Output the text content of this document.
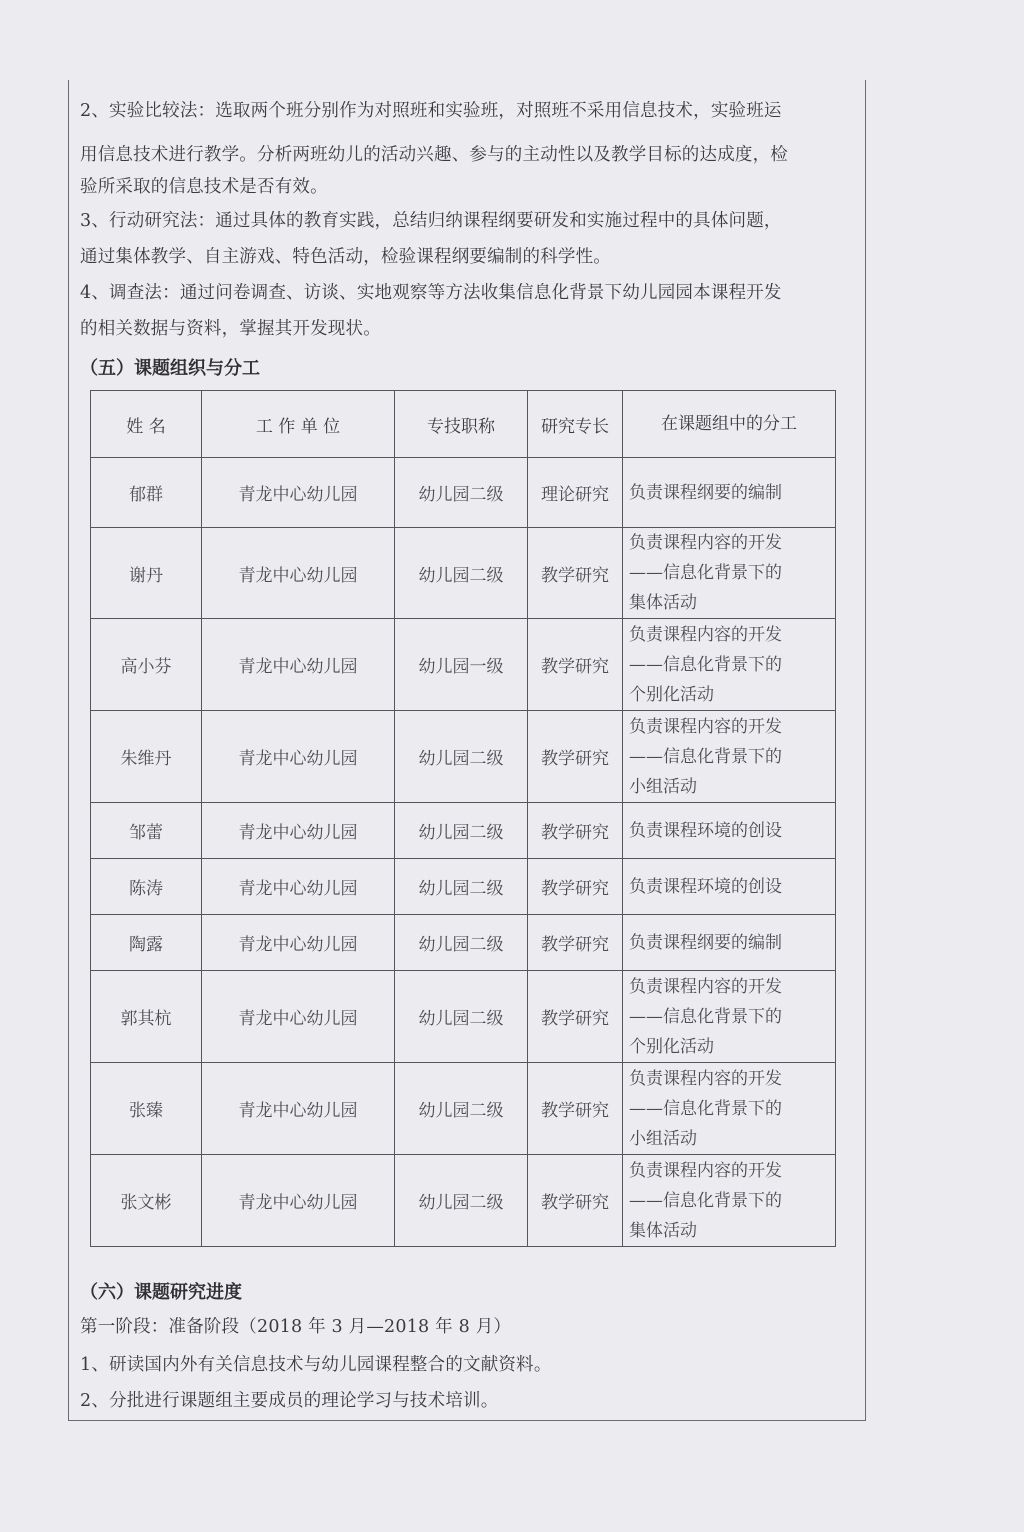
2、实验比较法：选取两个班分别作为对照班和实验班，对照班不采用信息技术，实验班运
用信息技术进行教学。分析两班幼儿的活动兴趣、参与的主动性以及教学目标的达成度，检
验所采取的信息技术是否有效。
3、行动研究法：通过具体的教育实践，总结归纳课程纲要研发和实施过程中的具体问题，
通过集体教学、自主游戏、特色活动，检验课程纲要编制的科学性。
4、调查法：通过问卷调查、访谈、实地观察等方法收集信息化背景下幼儿园园本课程开发
的相关数据与资料，掌握其开发现状。
（五）课题组织与分工
姓 名	工 作 单 位	专技职称	研究专长	在课题组中的分工
郁群	青龙中心幼儿园	幼儿园二级	理论研究	负责课程纲要的编制

谢丹	青龙中心幼儿园	幼儿园二级	教学研究	负责课程内容的开发
——信息化背景下的
集体活动

高小芬	青龙中心幼儿园	幼儿园一级	教学研究	负责课程内容的开发
——信息化背景下的
个别化活动

朱维丹	青龙中心幼儿园	幼儿园二级	教学研究	负责课程内容的开发
——信息化背景下的
小组活动

邹蕾	青龙中心幼儿园	幼儿园二级	教学研究	负责课程环境的创设

陈涛	青龙中心幼儿园	幼儿园二级	教学研究	负责课程环境的创设

陶露	青龙中心幼儿园	幼儿园二级	教学研究	负责课程纲要的编制

郭其杭	青龙中心幼儿园	幼儿园二级	教学研究	负责课程内容的开发
——信息化背景下的
个别化活动

张臻	青龙中心幼儿园	幼儿园二级	教学研究	负责课程内容的开发
——信息化背景下的
小组活动

张文彬	青龙中心幼儿园	幼儿园二级	教学研究	负责课程内容的开发
——信息化背景下的
集体活动
（六）课题研究进度
第一阶段：准备阶段（2018 年 3 月—2018 年 8 月）
1、研读国内外有关信息技术与幼儿园课程整合的文献资料。
2、分批进行课题组主要成员的理论学习与技术培训。
